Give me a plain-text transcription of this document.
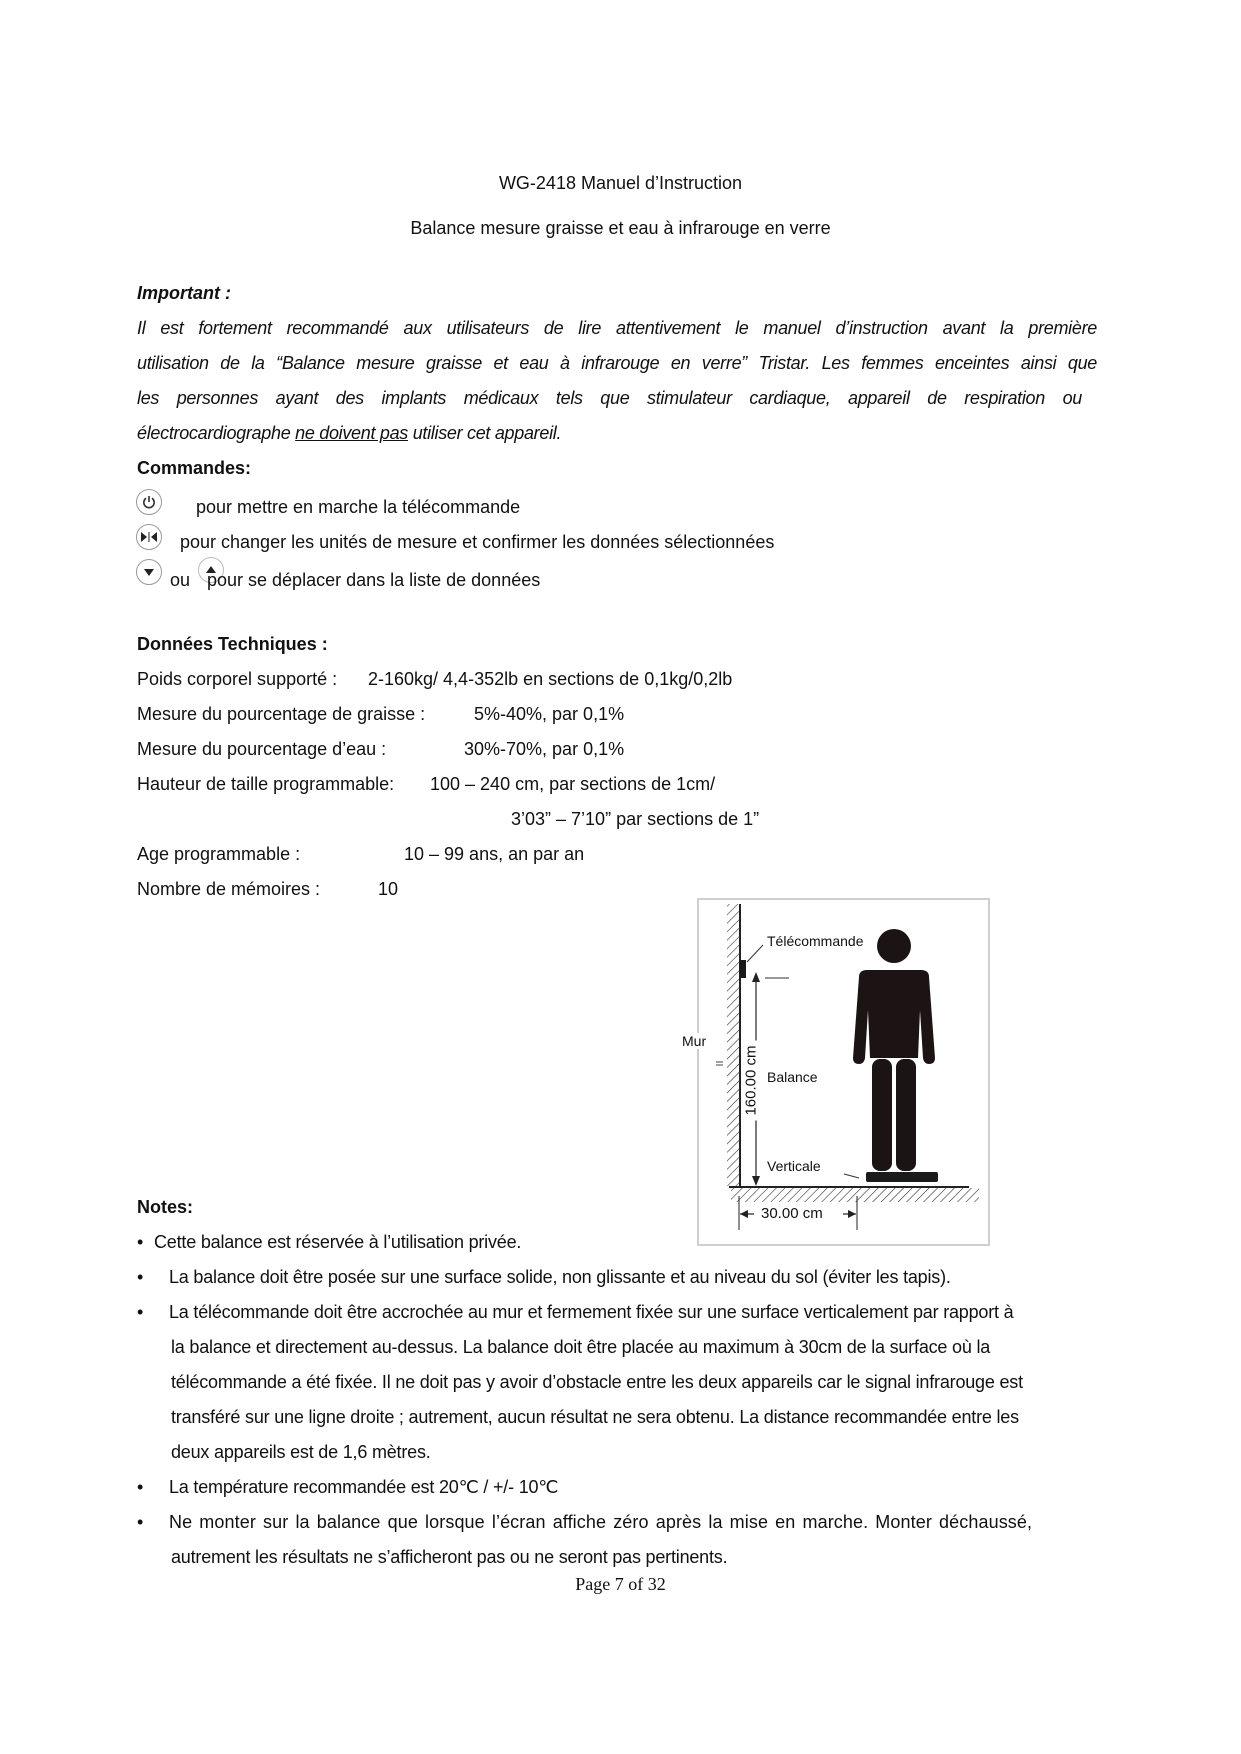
WG-2418 Manuel d’Instruction
Balance mesure graisse et eau à infrarouge en verre
Important :
Il est fortement recommandé aux utilisateurs de lire attentivement le manuel d’instruction avant la première
utilisation de la “Balance mesure graisse et eau à infrarouge en verre” Tristar. Les femmes enceintes ainsi que
les personnes ayant des implants médicaux tels que stimulateur cardiaque, appareil de respiration ou
électrocardiographe ne doivent pas utiliser cet appareil.
Commandes:
pour mettre en marche la télécommande
pour changer les unités de mesure et confirmer les données sélectionnées
ou pour se déplacer dans la liste de données
Données Techniques :
Poids corporel supporté : 2-160kg/ 4,4-352lb en sections de 0,1kg/0,2lb
Mesure du pourcentage de graisse :	5%-40%, par 0,1%
Mesure du pourcentage d’eau :	30%-70%, par 0,1%
Hauteur de taille programmable: 100 – 240 cm, par sections de 1cm/
3’03” – 7’10” par sections de 1”
Age programmable :	10 – 99 ans, an par an
Nombre de mémoires :	10
Télécommande
Mur
Balance
Verticale
160.00 cm
30.00 cm
Notes:
• Cette balance est réservée à l’utilisation privée.
• La balance doit être posée sur une surface solide, non glissante et au niveau du sol (éviter les tapis).
• La télécommande doit être accrochée au mur et fermement fixée sur une surface verticalement par rapport à
la balance et directement au-dessus. La balance doit être placée au maximum à 30cm de la surface où la
télécommande a été fixée. Il ne doit pas y avoir d’obstacle entre les deux appareils car le signal infrarouge est
transféré sur une ligne droite ; autrement, aucun résultat ne sera obtenu. La distance recommandée entre les
deux appareils est de 1,6 mètres.
• La température recommandée est 20℃ / +/- 10℃
• Ne monter sur la balance que lorsque l’écran affiche zéro après la mise en marche. Monter déchaussé,
autrement les résultats ne s’afficheront pas ou ne seront pas pertinents.
Page 7 of 32
